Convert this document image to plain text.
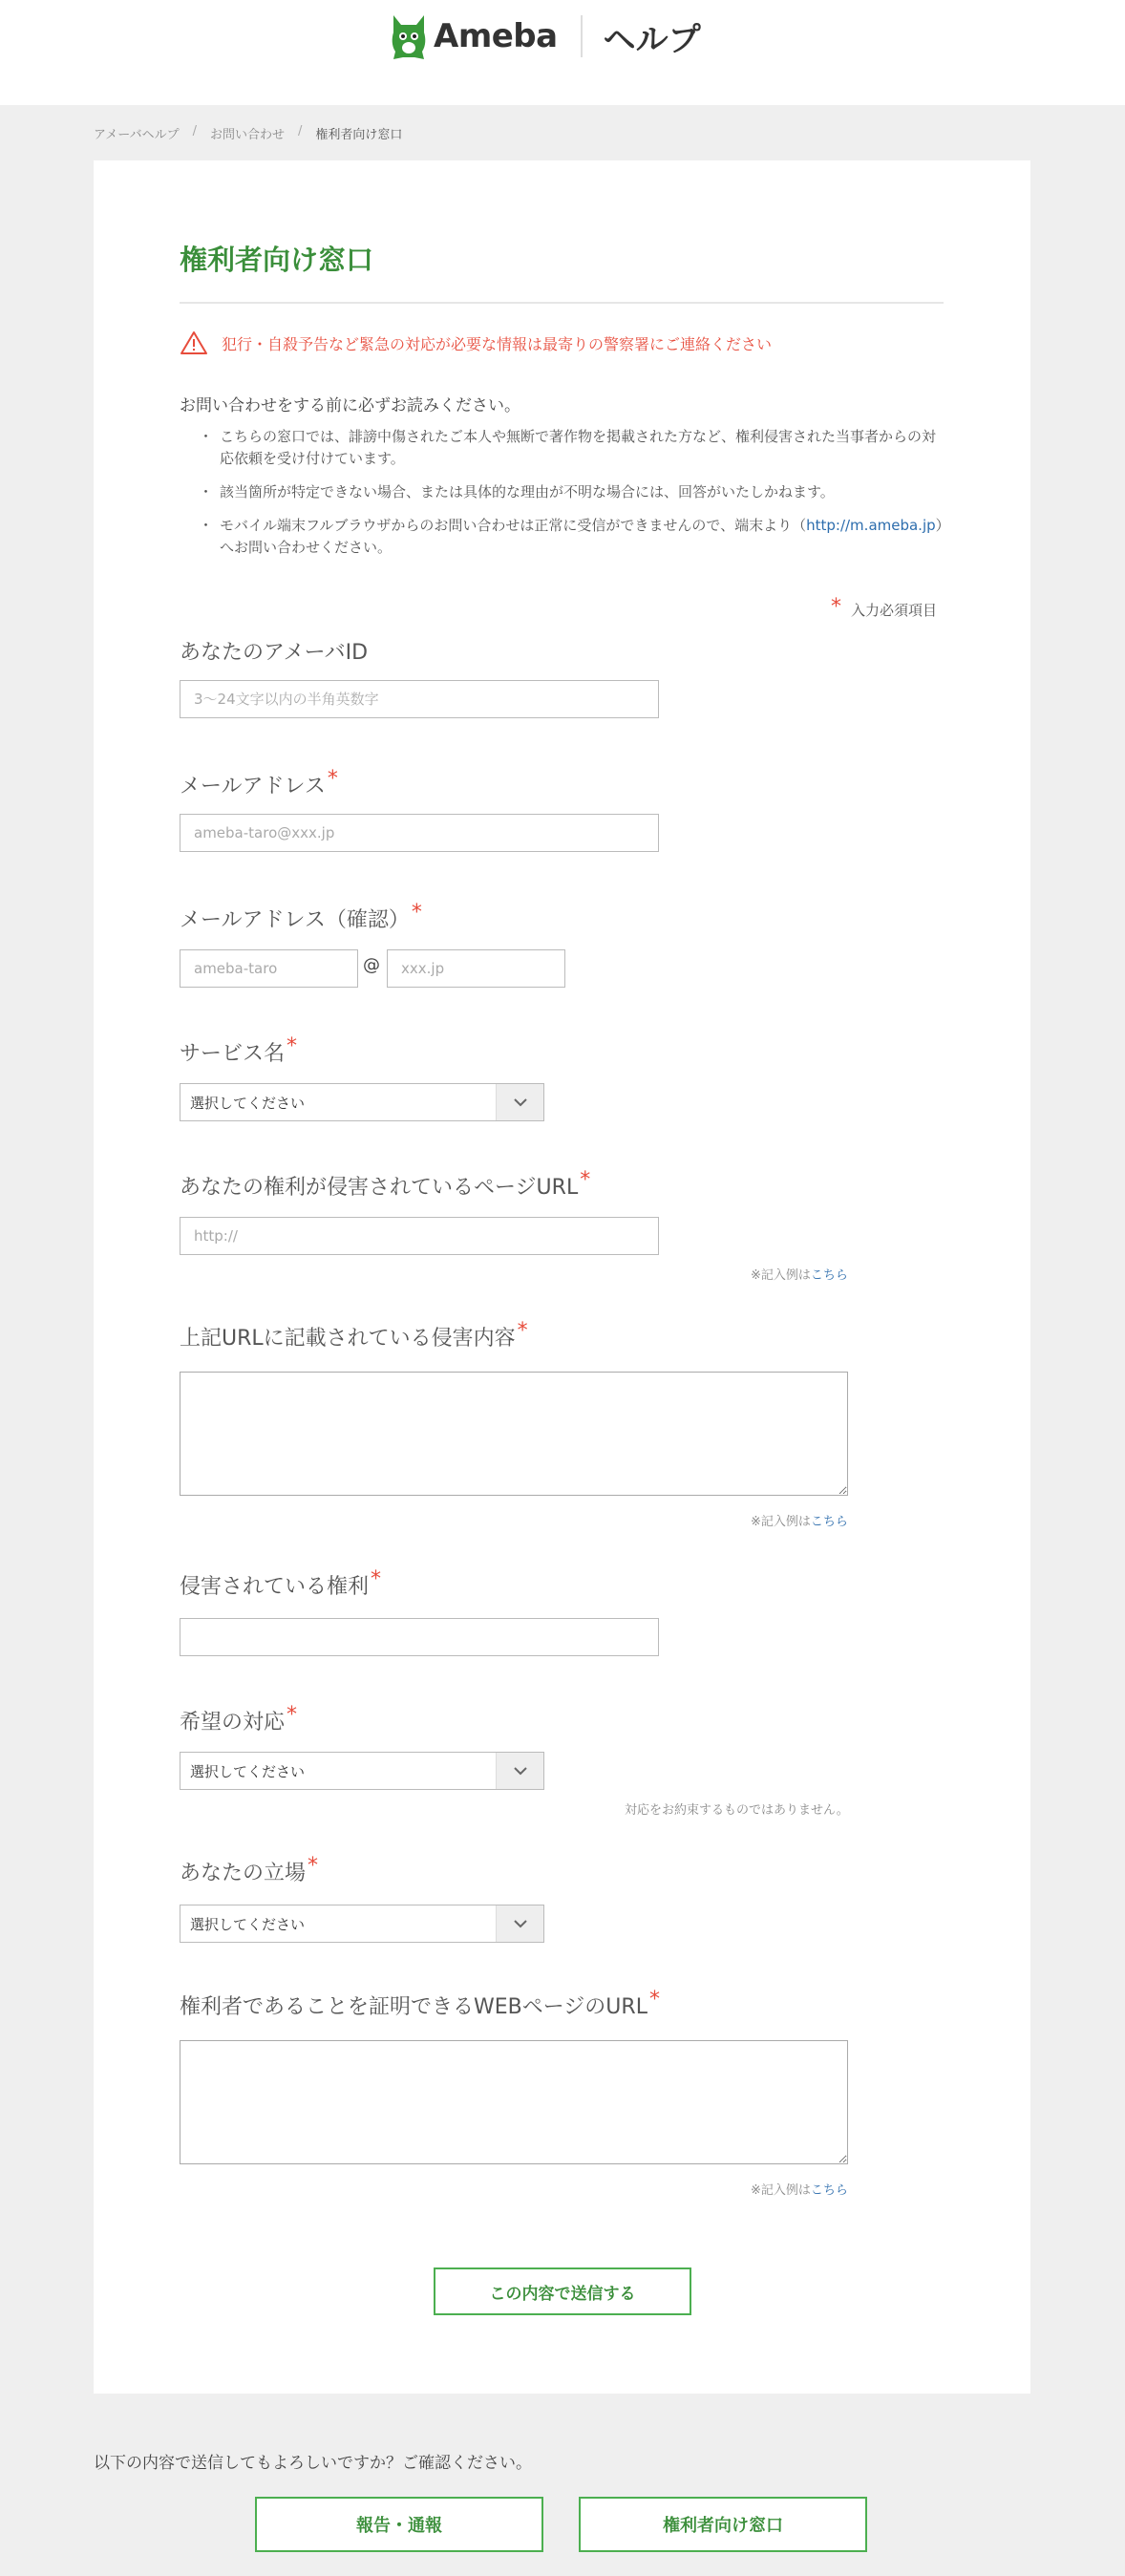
Ameba ヘルプ
アメーバヘルプ / お問い合わせ / 権利者向け窓口
権利者向け窓口
犯行・自殺予告など緊急の対応が必要な情報は最寄りの警察署にご連絡ください

お問い合わせをする前に必ずお読みください。

・ こちらの窓口では、誹謗中傷されたご本人や無断で著作物を掲載された方など、権利侵害された当事者からの対応依頼を受け付けています。
・ 該当箇所が特定できない場合、または具体的な理由が不明な場合には、回答がいたしかねます。
・ モバイル端末フルブラウザからのお問い合わせは正常に受信ができませんので、端末より（http://m.ameba.jp）へお問い合わせください。
* 入力必須項目
あなたのアメーバID
3〜24文字以内の半角英数字
メールアドレス*
ameba-taro@xxx.jp
メールアドレス（確認）*
ameba-taro
@
xxx.jp
サービス名*
選択してください
あなたの権利が侵害されているページURL*
http://
※記入例はこちら
上記URLに記載されている侵害内容*
※記入例はこちら
侵害されている権利*
希望の対応*
選択してください
対応をお約束するものではありません。
あなたの立場*
選択してください
権利者であることを証明できるWEBページのURL*
※記入例はこちら
この内容で送信する

以下の内容で送信してもよろしいですか？ご確認ください。

報告・通報	権利者向け窓口
